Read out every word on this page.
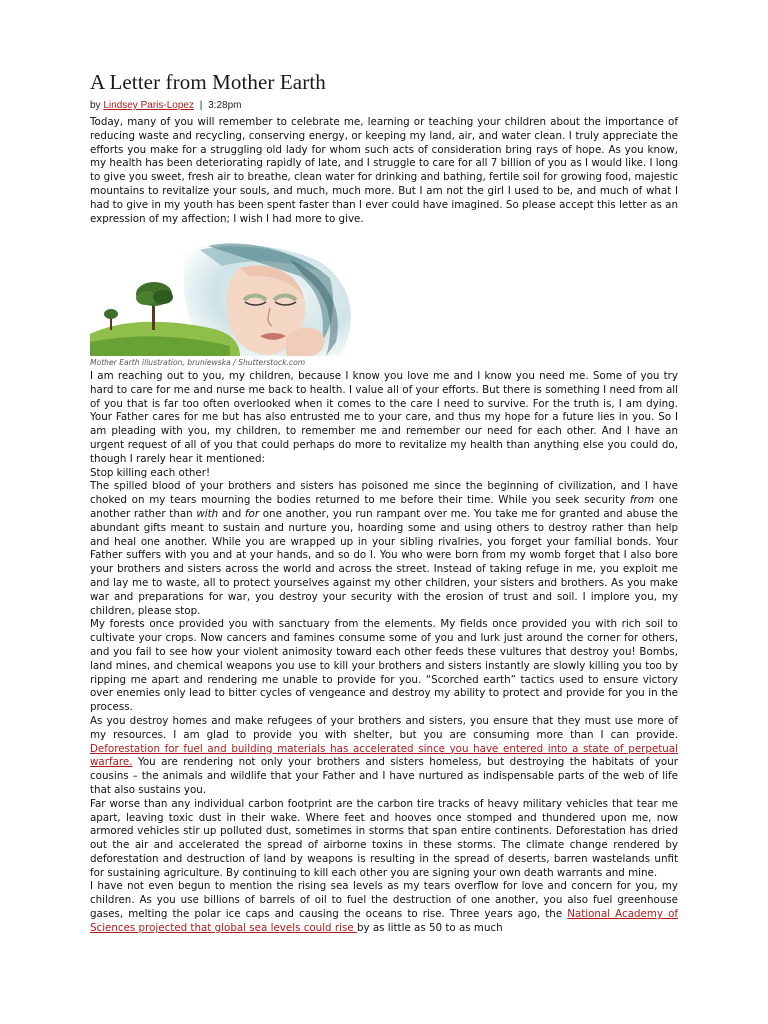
A Letter from Mother Earth
by Lindsey Paris-Lopez | 3:28pm

Today, many of you will remember to celebrate me, learning or teaching your children about the importance of reducing waste and recycling, conserving energy, or keeping my land, air, and water clean. I truly appreciate the efforts you make for a struggling old lady for whom such acts of consideration bring rays of hope. As you know, my health has been deteriorating rapidly of late, and I struggle to care for all 7 billion of you as I would like. I long to give you sweet, fresh air to breathe, clean water for drinking and bathing, fertile soil for growing food, majestic mountains to revitalize your souls, and much, much more. But I am not the girl I used to be, and much of what I had to give in my youth has been spent faster than I ever could have imagined. So please accept this letter as an expression of my affection; I wish I had more to give.

Mother Earth illustration, bruniewska / Shutterstock.com

I am reaching out to you, my children, because I know you love me and I know you need me. Some of you try hard to care for me and nurse me back to health. I value all of your efforts. But there is something I need from all of you that is far too often overlooked when it comes to the care I need to survive. For the truth is, I am dying. Your Father cares for me but has also entrusted me to your care, and thus my hope for a future lies in you. So I am pleading with you, my children, to remember me and remember our need for each other. And I have an urgent request of all of you that could perhaps do more to revitalize my health than anything else you could do, though I rarely hear it mentioned:

Stop killing each other!

The spilled blood of your brothers and sisters has poisoned me since the beginning of civilization, and I have choked on my tears mourning the bodies returned to me before their time. While you seek security from one another rather than with and for one another, you run rampant over me. You take me for granted and abuse the abundant gifts meant to sustain and nurture you, hoarding some and using others to destroy rather than help and heal one another. While you are wrapped up in your sibling rivalries, you forget your familial bonds. Your Father suffers with you and at your hands, and so do I. You who were born from my womb forget that I also bore your brothers and sisters across the world and across the street. Instead of taking refuge in me, you exploit me and lay me to waste, all to protect yourselves against my other children, your sisters and brothers. As you make war and preparations for war, you destroy your security with the erosion of trust and soil. I implore you, my children, please stop.

My forests once provided you with sanctuary from the elements. My fields once provided you with rich soil to cultivate your crops. Now cancers and famines consume some of you and lurk just around the corner for others, and you fail to see how your violent animosity toward each other feeds these vultures that destroy you! Bombs, land mines, and chemical weapons you use to kill your brothers and sisters instantly are slowly killing you too by ripping me apart and rendering me unable to provide for you. “Scorched earth” tactics used to ensure victory over enemies only lead to bitter cycles of vengeance and destroy my ability to protect and provide for you in the process.

As you destroy homes and make refugees of your brothers and sisters, you ensure that they must use more of my resources. I am glad to provide you with shelter, but you are consuming more than I can provide. Deforestation for fuel and building materials has accelerated since you have entered into a state of perpetual warfare. You are rendering not only your brothers and sisters homeless, but destroying the habitats of your cousins – the animals and wildlife that your Father and I have nurtured as indispensable parts of the web of life that also sustains you.

Far worse than any individual carbon footprint are the carbon tire tracks of heavy military vehicles that tear me apart, leaving toxic dust in their wake. Where feet and hooves once stomped and thundered upon me, now armored vehicles stir up polluted dust, sometimes in storms that span entire continents. Deforestation has dried out the air and accelerated the spread of airborne toxins in these storms. The climate change rendered by deforestation and destruction of land by weapons is resulting in the spread of deserts, barren wastelands unfit for sustaining agriculture. By continuing to kill each other you are signing your own death warrants and mine.

I have not even begun to mention the rising sea levels as my tears overflow for love and concern for you, my children. As you use billions of barrels of oil to fuel the destruction of one another, you also fuel greenhouse gases, melting the polar ice caps and causing the oceans to rise. Three years ago, the National Academy of Sciences projected that global sea levels could rise by as little as 50 to as much
